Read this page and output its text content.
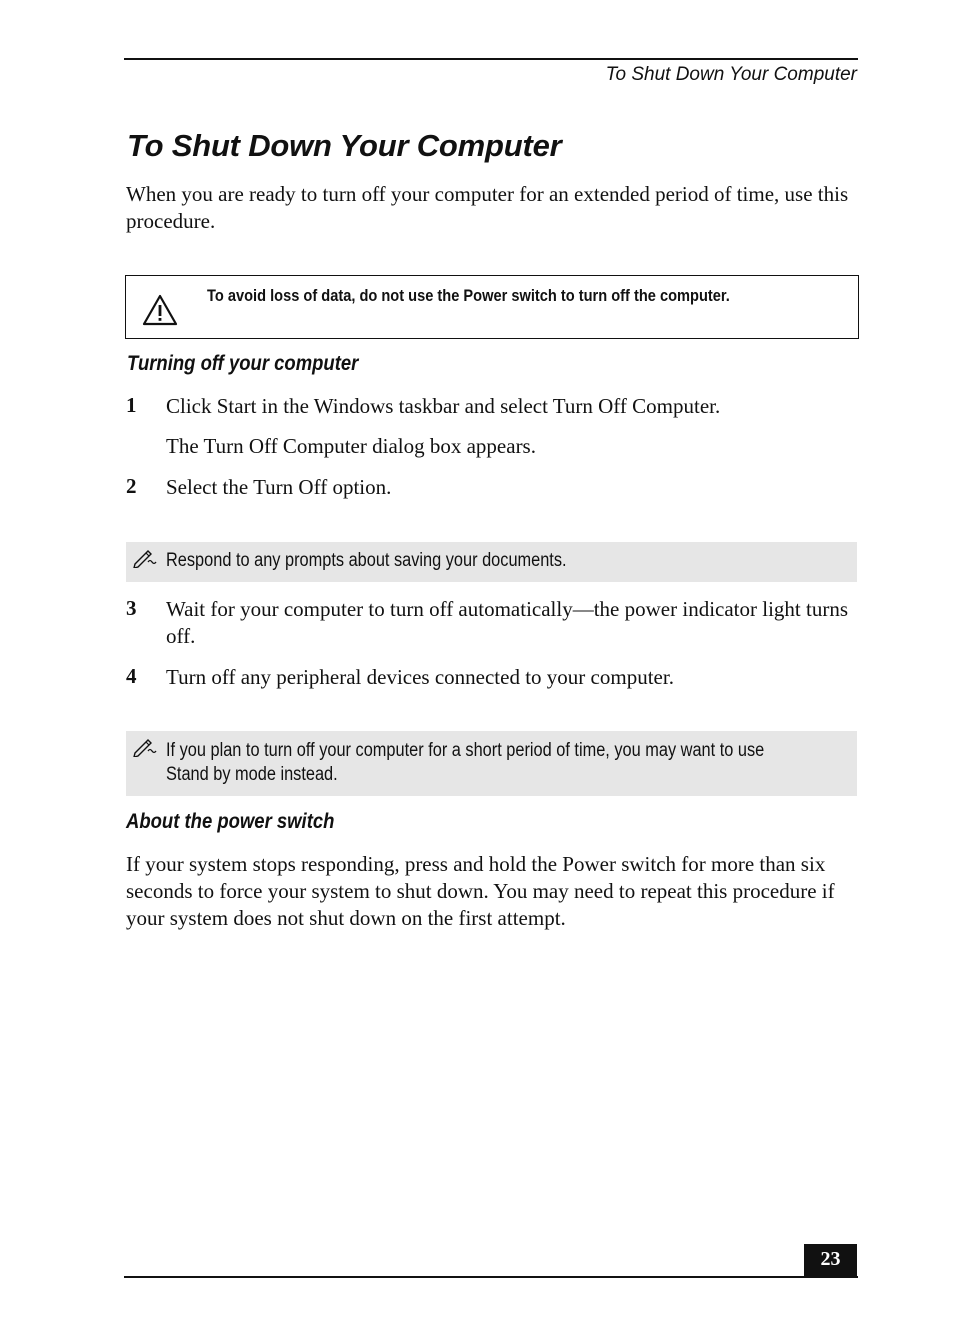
To Shut Down Your Computer
To Shut Down Your Computer
When you are ready to turn off your computer for an extended period of time, use this procedure.
To avoid loss of data, do not use the Power switch to turn off the computer.
Turning off your computer
1 Click Start in the Windows taskbar and select Turn Off Computer.
The Turn Off Computer dialog box appears.
2 Select the Turn Off option.
Respond to any prompts about saving your documents.
3 Wait for your computer to turn off automatically—the power indicator light turns off.
4 Turn off any peripheral devices connected to your computer.
If you plan to turn off your computer for a short period of time, you may want to use
Stand by mode instead.
About the power switch
If your system stops responding, press and hold the Power switch for more than six seconds to force your system to shut down. You may need to repeat this procedure if your system does not shut down on the first attempt.
23
